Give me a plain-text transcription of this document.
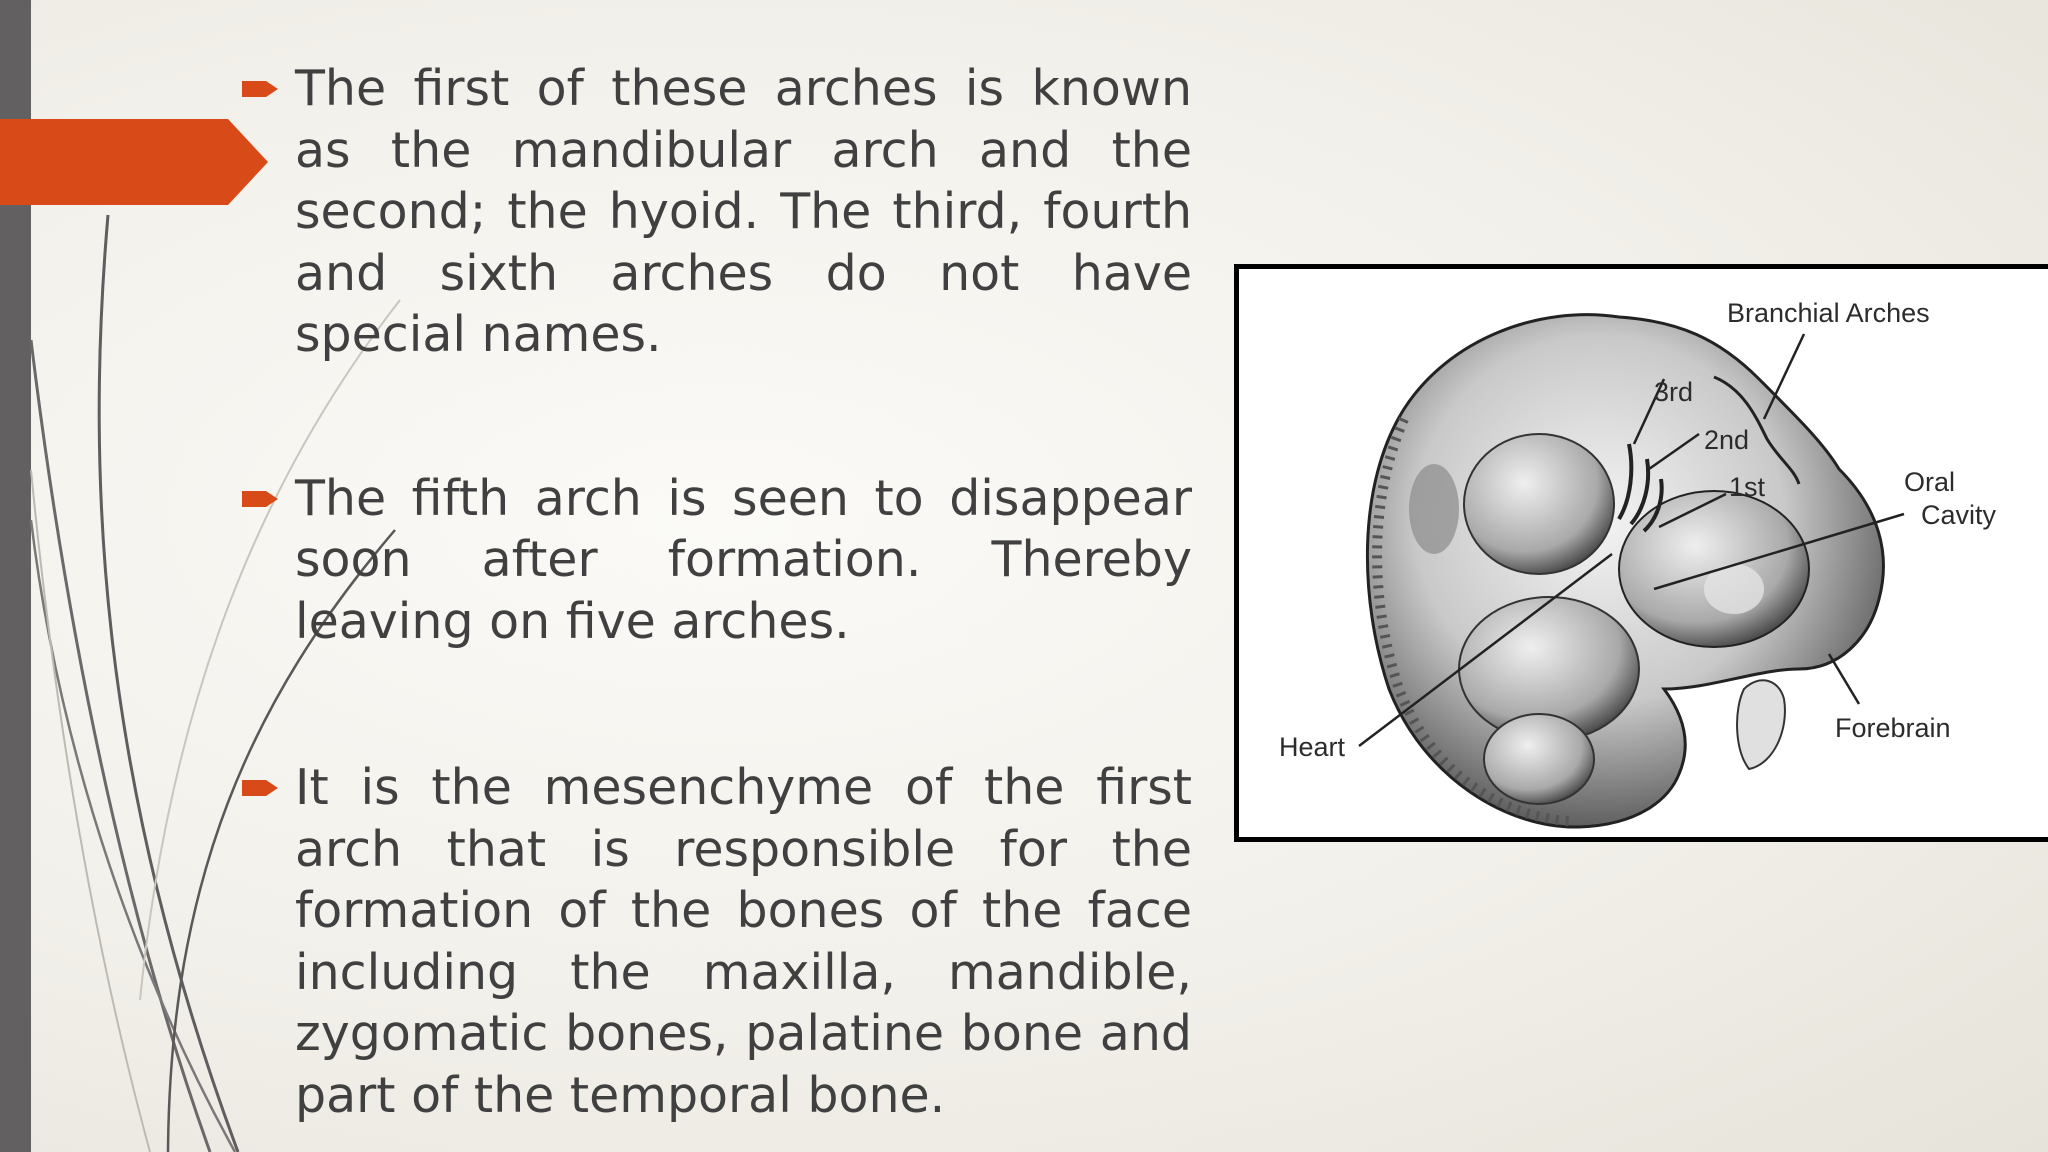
The first of these arches is known as the mandibular arch and the second; the hyoid. The third, fourth and sixth arches do not have special names.

The fifth arch is seen to disappear soon after formation. Thereby leaving on five arches.

It is the mesenchyme of the first arch that is responsible for the formation of the bones of the face including the maxilla, mandible, zygomatic bones, palatine bone and part of the temporal bone.

Branchial Arches
3rd
2nd
1st	Oral
Cavity
Heart
Forebrain
